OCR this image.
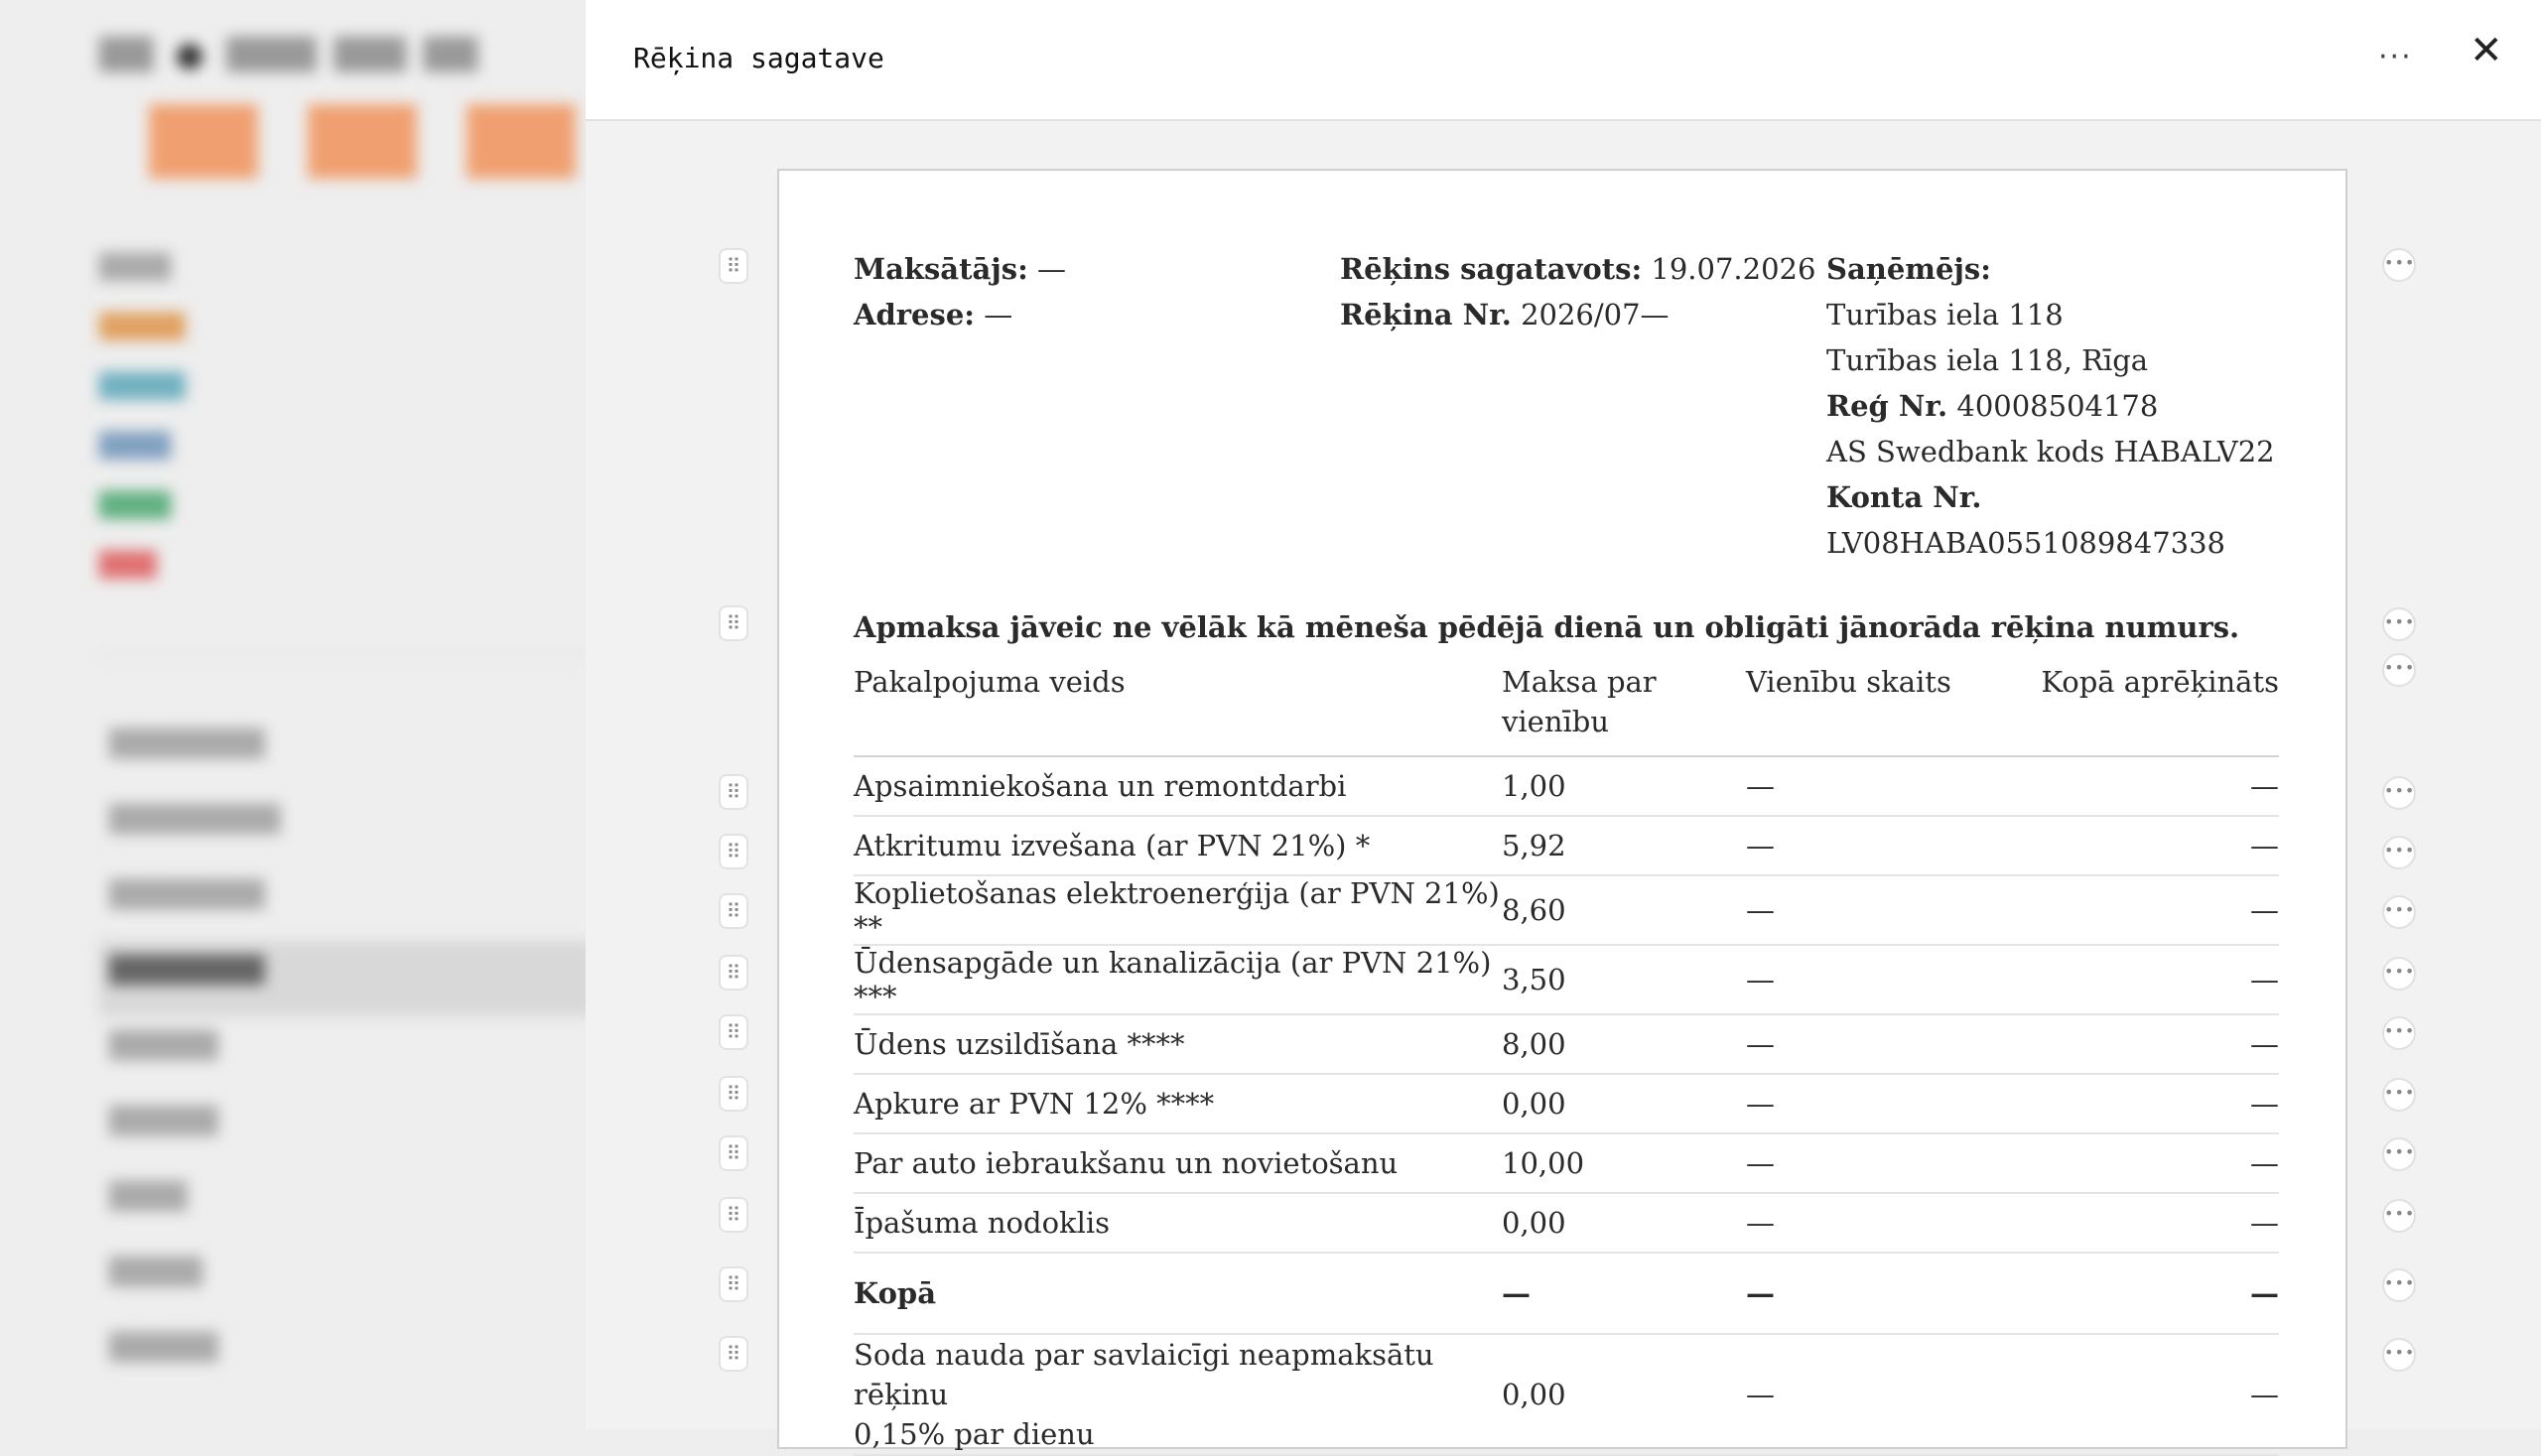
███ █████ ████ ███
█████
██████
██████
█████
█████
████
██████████
███████████
██████████
██████████
███████
███████
█████
██████
███████
Rēķina sagatave	··· ✕
⠿
⠿
⠿
⠿
⠿
⠿
⠿
⠿
⠿
⠿
⠿
⠿
•••
•••
•••
•••
•••
•••
•••
•••
•••
•••
•••
•••
•••
Maksātājs: —
Adrese: —
Rēķins sagatavots: 19.07.2026
Rēķina Nr. 2026/07—
Saņēmējs:
Turības iela 118
Turības iela 118, Rīga
Reģ Nr. 40008504178
AS Swedbank kods HABALV22
Konta Nr.
LV08HABA0551089847338
Apmaksa jāveic ne vēlāk kā mēneša pēdējā dienā un obligāti jānorāda rēķina numurs.
Pakalpojuma veids	Maksa par vienību	Vienību skaits	Kopā aprēķināts
Apsaimniekošana un remontdarbi	1,00	—	—
Atkritumu izvešana (ar PVN 21%) *	5,92	—	—
Koplietošanas elektroenerģija (ar PVN 21%) **	8,60	—	—
Ūdensapgāde un kanalizācija (ar PVN 21%) ***	3,50	—	—
Ūdens uzsildīšana ****	8,00	—	—
Apkure ar PVN 12% ****	0,00	—	—
Par auto iebraukšanu un novietošanu	10,00	—	—
Īpašuma nodoklis	0,00	—	—
Kopā	—	—	—

Soda nauda par savlaicīgi neapmaksātu rēķinu
0,15% par dienu	0,00	—	—
